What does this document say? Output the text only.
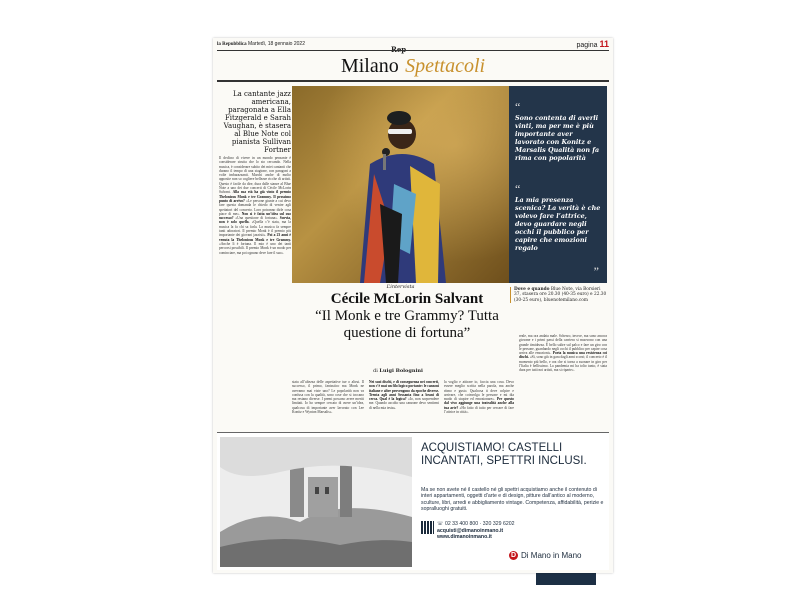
la Repubblica Martedì, 18 gennaio 2022	pagina 11
Milano Spettacoli
La cantante jazz americana, paragonata a Ella Fitzgerald e Sarah Vaughan, è stasera al Blue Note col pianista Sullivan Fortner
Il declino di vivere in un mondo pensante è considerare strutta che lo sto cercando. Nella musica, è considerare subito dei miei cantanti che durano il tempo di una stagione, con paragoni a volte imbarazzanti. Marchi anche di molto apposite non so cogliere bellezze ricche di artisti. Questo è facile da dire, dura dalle stanze al Blue Note a uno dei due concerti di Cécile McLorin Salvant. Alla sua età ha già vinto il premio Thelonious Monk e tre Grammy. Il prossimo punto di arrivo? «Le persone giunte a cui devo fare questa domanda le chiedo di venire agli spettatori del concerto. Loro potranno dirle cosa piace di me». Non si è fatta un’idea sul suo successo? «Una questione di fortuna». Suvvia, non è solo quello. «Quella c’è stata, ma la musica la fa chi sa farla. La musica fa sempre tanti adoratori. Il premio Monk è il premio più importante dei giovani jazzisti». Poi a 23 anni è venuta la Thelonious Monk e tre Grammy. «Anche lì è fortuna. Il mio è uno dei tanti percorsi possibili. Il premio Monk è un modo per cominciare, ma poi ognuno deve fare il suo».
“
Sono contenta di averli vinti, ma per me è più importante aver lavorato con Konitz e Marsalis Qualità non fa rima con popolarità
“
La mia presenza scenica? La verità è che volevo fare l’attrice, devo guardare negli occhi il pubblico per capire che emozioni regalo
”
L’intervista
Cécile McLorin Salvant
“Il Monk e tre Grammy? Tutta questione di fortuna”
di Luigi Bolognini
Dove e quando Blue Note, via Borsieri 37, stasera ore 20.30 (40-35 euro) e 22.30 (30-25 euro), bluenotemilano.com
stata all’altezza delle aspettative tue o altrui. Il successo, il primo, fantastico ma Monk ne avevamo mai viste uno? Le popolarità non va confusa con la qualità, sono cose che si toccano ma restano diverse. I premi possono avere meriti limitati. Io ho sempre cercato di avere un’idea, qualcosa di importante aver lavorato con Lee Konitz e Wynton Marsalis».
Nei suoi dischi, e di conseguenza nei concerti, non c’è mai un filo logico portante: le canzoni italiane e altre provengono da epoche diverse. Trenta agli anni Sessanta fino a brani di cerca. Qual è la logica? «Io, non sorprendere me. Quando ascolto una canzone devo sentirmi di nella mia testa».
la voglio e attirare io, faccia una cosa. Devo essere meglio scritta nella parola, ma anche ritmo e gusto. Qualcosa ti deve colpire e arrivare, che coinvolga le persone e mi dia modo di stupire ed emozionare». Per questo dal vivo aggiunge una teatralità anche alla tua arte? «Ho fatto di tutto per cercare di fare l’attrice in città».
reale, ma ora andata male. Scherzo, invece, ma sono ancora giovane e i primi passi della carriera si muovono con una grande timidezza. È bello salire sul palco e fare un giro con le persone, guardando negli occhi il pubblico per capire cosa arriva alle emozioni». Porta la musica una resistenza coi dischi. «Sì, sono già in gara dagli anni scorsi; il concerto è il momento più bello, e ora che si torna a suonare in giro per l’Italia è bellissimo. La pandemia mi ha tolto tanto, è stata dura per tutti noi artisti, ma si riparte».
ACQUISTIAMO! CASTELLI INCANTATI, SPETTRI INCLUSI.
Ma se non avete né il castello né gli spettri acquistiamo anche il contenuto di interi appartamenti, oggetti d’arte e di design, pitture dall’antico al moderno, sculture, libri, arredi e abbigliamento vintage. Competenza, affidabilità, perizie e sopralluoghi gratuiti.
☏ 02 33 400 800 · 320 329 6202
acquisti@dimanoinmano.it
www.dimanoinmano.it
D Di Mano in Mano
